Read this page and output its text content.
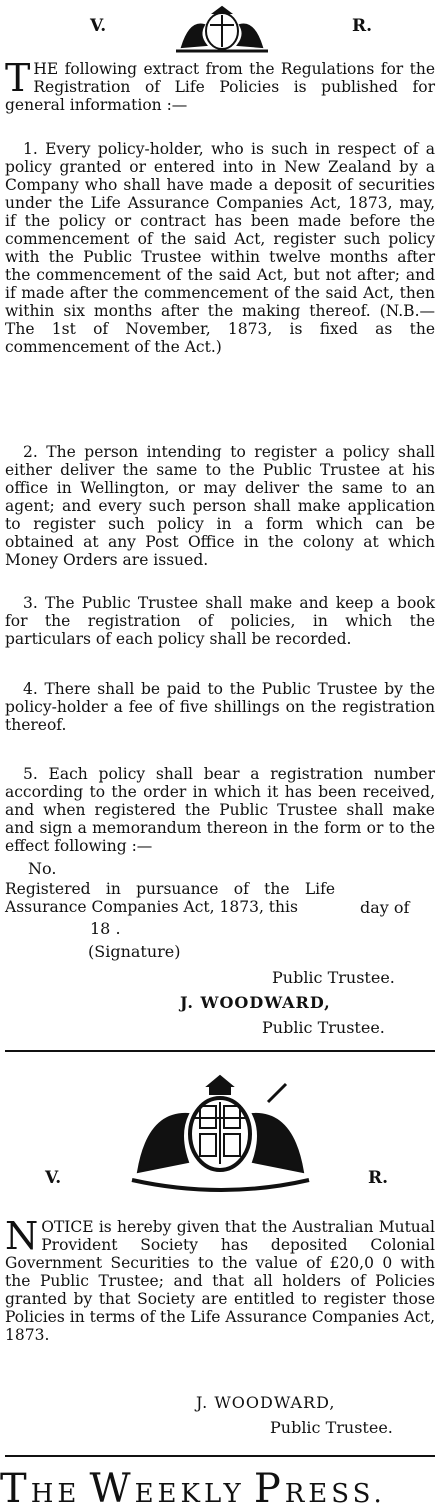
V.	R.

THE following extract from the Regulations for the Registration of Life Policies is published for general information :—

1. Every policy-holder, who is such in respect of a policy granted or entered into in New Zealand by a Company who shall have made a deposit of securities under the Life Assurance Companies Act, 1873, may, if the policy or contract has been made before the commencement of the said Act, register such policy with the Public Trustee within twelve months after the commencement of the said Act, but not after; and if made after the commencement of the said Act, then within six months after the making thereof. (N.B.—The 1st of November, 1873, is fixed as the commencement of the Act.)

2. The person intending to register a policy shall either deliver the same to the Public Trustee at his office in Wellington, or may deliver the same to an agent; and every such person shall make application to register such policy in a form which can be obtained at any Post Office in the colony at which Money Orders are issued.

3. The Public Trustee shall make and keep a book for the registration of policies, in which the particulars of each policy shall be recorded.

4. There shall be paid to the Public Trustee by the policy-holder a fee of five shillings on the registration thereof.

5. Each policy shall bear a registration number according to the order in which it has been received, and when registered the Public Trustee shall make and sign a memorandum thereon in the form or to the effect following :—

No.

Registered in pursuance of the Life Assurance Companies Act, 1873, this	day of
18 .
(Signature)
Public Trustee.
J. WOODWARD,
Public Trustee.
V.	R.

NOTICE is hereby given that the Australian Mutual Provident Society has deposited Colonial Government Securities to the value of £20,0 0 with the Public Trustee; and that all holders of Policies granted by that Society are entitled to register those Policies in terms of the Life Assurance Companies Act, 1873.

J. WOODWARD,
Public Trustee.
THE WEEKLY PRESS.
